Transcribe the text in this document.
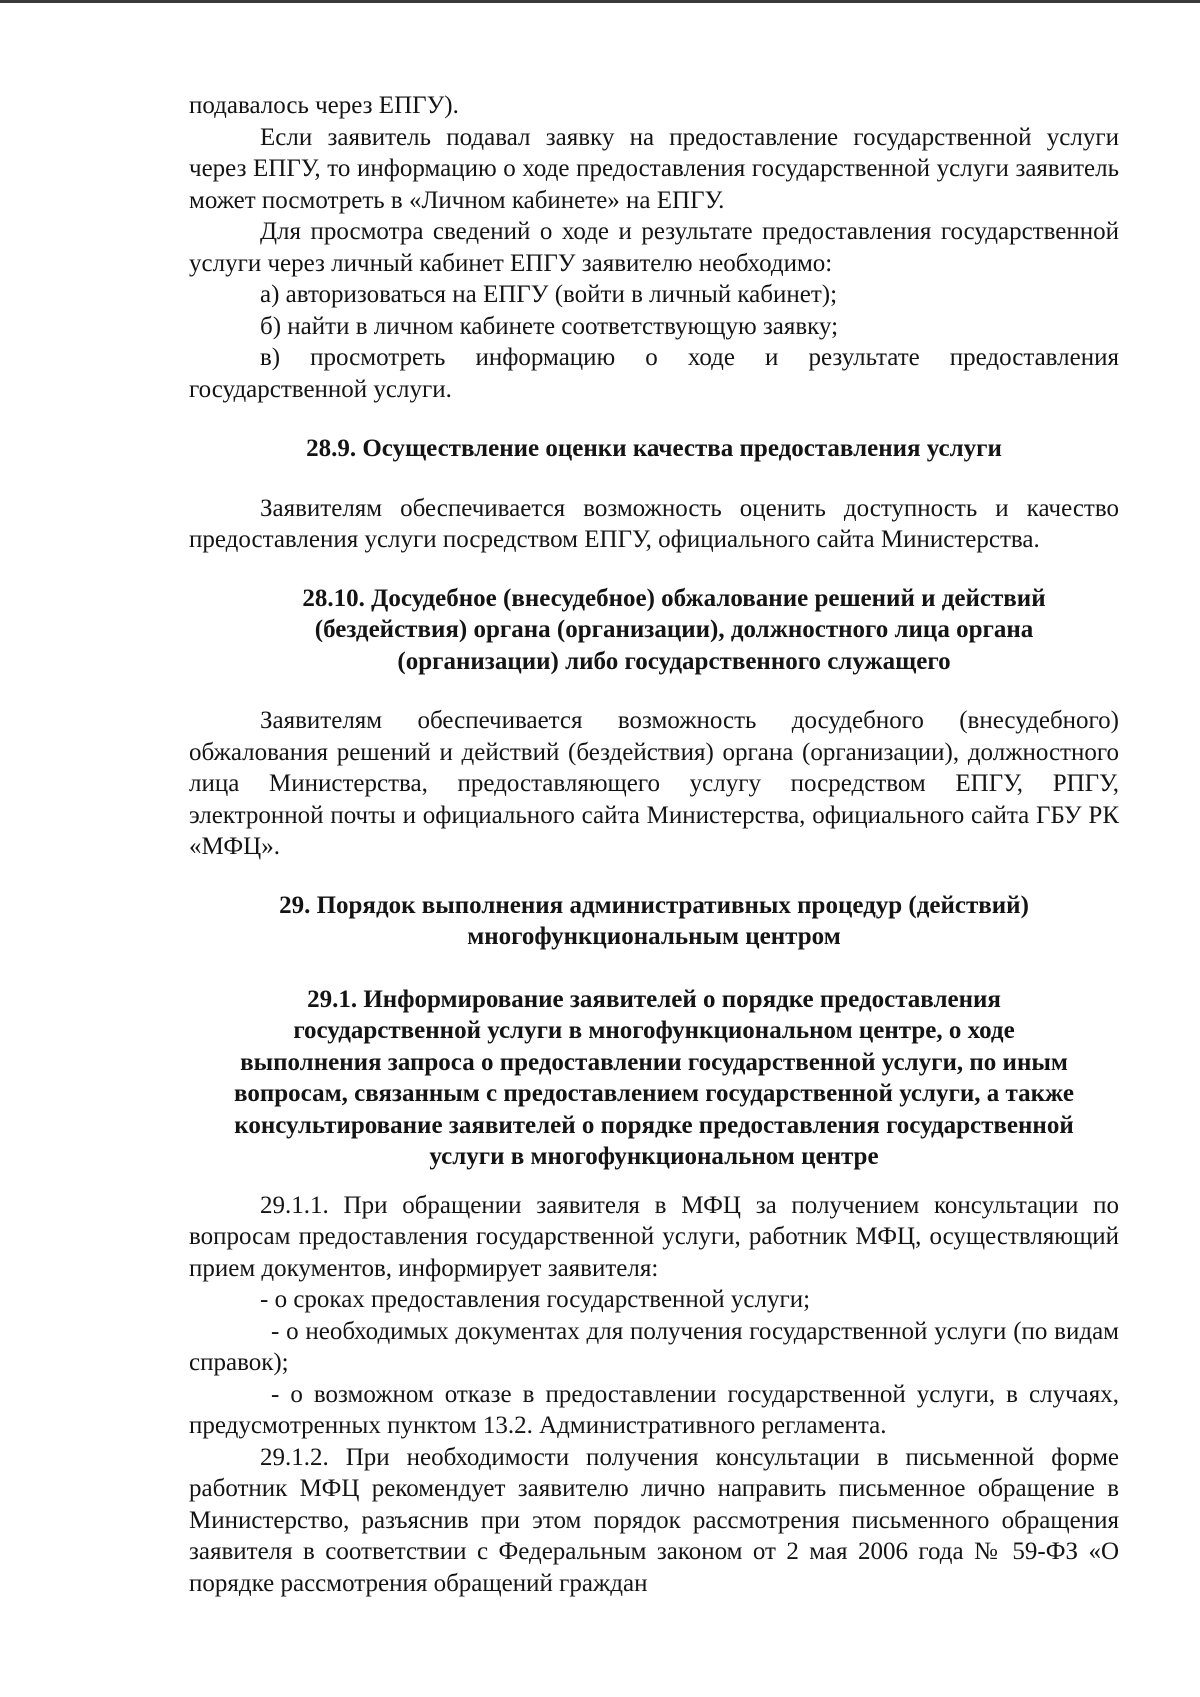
подавалось через ЕПГУ).

Если заявитель подавал заявку на предоставление государственной услуги через ЕПГУ, то информацию о ходе предоставления государственной услуги заявитель может посмотреть в «Личном кабинете» на ЕПГУ.

Для просмотра сведений о ходе и результате предоставления государственной услуги через личный кабинет ЕПГУ заявителю необходимо:

а) авторизоваться на ЕПГУ (войти в личный кабинет);

б) найти в личном кабинете соответствующую заявку;

в) просмотреть информацию о ходе и результате предоставления государственной услуги.

28.9. Осуществление оценки качества предоставления услуги

Заявителям обеспечивается возможность оценить доступность и качество предоставления услуги посредством ЕПГУ, официального сайта Министерства.

28.10. Досудебное (внесудебное) обжалование решений и действий
(бездействия) органа (организации), должностного лица органа
(организации) либо государственного служащего

Заявителям обеспечивается возможность досудебного (внесудебного) обжалования решений и действий (бездействия) органа (организации), должностного лица Министерства, предоставляющего услугу посредством ЕПГУ, РПГУ, электронной почты и официального сайта Министерства, официального сайта ГБУ РК «МФЦ».

29. Порядок выполнения административных процедур (действий)
многофункциональным центром
29.1. Информирование заявителей о порядке предоставления
государственной услуги в многофункциональном центре, о ходе
выполнения запроса о предоставлении государственной услуги, по иным
вопросам, связанным с предоставлением государственной услуги, а также
консультирование заявителей о порядке предоставления государственной
услуги в многофункциональном центре

29.1.1. При обращении заявителя в МФЦ за получением консультации по вопросам предоставления государственной услуги, работник МФЦ, осуществляющий прием документов, информирует заявителя:

- о сроках предоставления государственной услуги;

- о необходимых документах для получения государственной услуги (по видам справок);

- о возможном отказе в предоставлении государственной услуги, в случаях, предусмотренных пунктом 13.2. Административного регламента.

29.1.2. При необходимости получения консультации в письменной форме работник МФЦ рекомендует заявителю лично направить письменное обращение в Министерство, разъяснив при этом порядок рассмотрения письменного обращения заявителя в соответствии с Федеральным законом от 2 мая 2006 года № 59-ФЗ «О порядке рассмотрения обращений граждан
